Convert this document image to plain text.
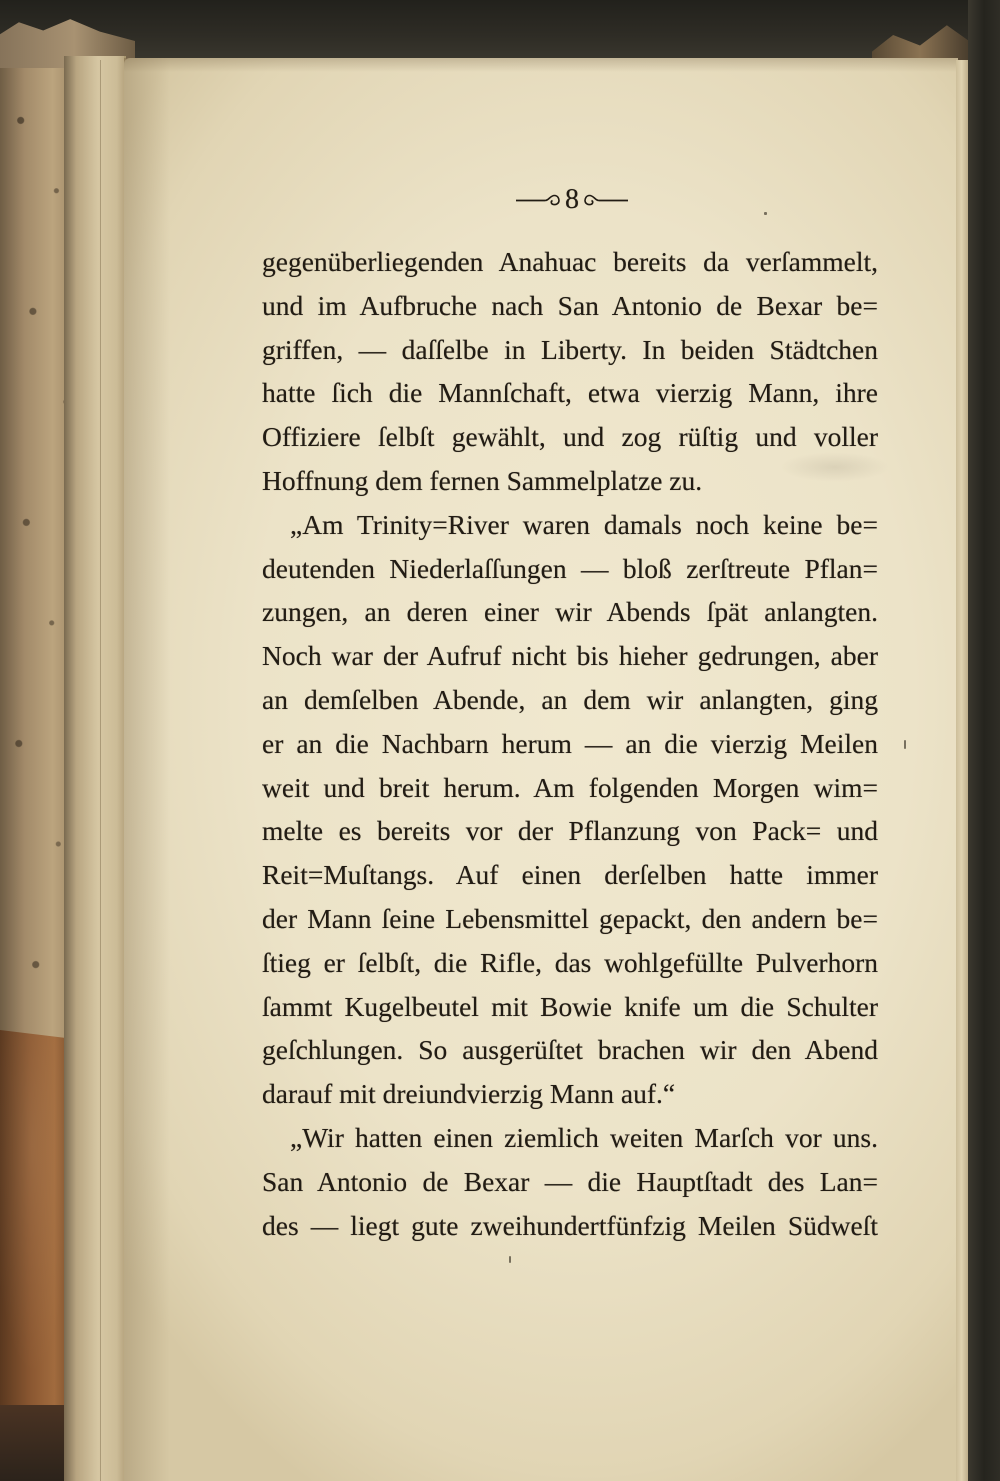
8
gegenüberliegenden Anahuac bereits da verſammelt,
und im Aufbruche nach San Antonio de Bexar be=
griffen, — daſſelbe in Liberty. In beiden Städtchen
hatte ſich die Mannſchaft, etwa vierzig Mann, ihre
Offiziere ſelbſt gewählt, und zog rüſtig und voller
Hoffnung dem fernen Sammelplatze zu.
„Am Trinity=River waren damals noch keine be=
deutenden Niederlaſſungen — bloß zerſtreute Pflan=
zungen, an deren einer wir Abends ſpät anlangten.
Noch war der Aufruf nicht bis hieher gedrungen, aber
an demſelben Abende, an dem wir anlangten, ging
er an die Nachbarn herum — an die vierzig Meilen
weit und breit herum. Am folgenden Morgen wim=
melte es bereits vor der Pflanzung von Pack= und
Reit=Muſtangs. Auf einen derſelben hatte immer
der Mann ſeine Lebensmittel gepackt, den andern be=
ſtieg er ſelbſt, die Rifle, das wohlgefüllte Pulverhorn
ſammt Kugelbeutel mit Bowie knife um die Schulter
geſchlungen. So ausgerüſtet brachen wir den Abend
darauf mit dreiundvierzig Mann auf.“
„Wir hatten einen ziemlich weiten Marſch vor uns.
San Antonio de Bexar — die Hauptſtadt des Lan=
des — liegt gute zweihundertfünfzig Meilen Südweſt
